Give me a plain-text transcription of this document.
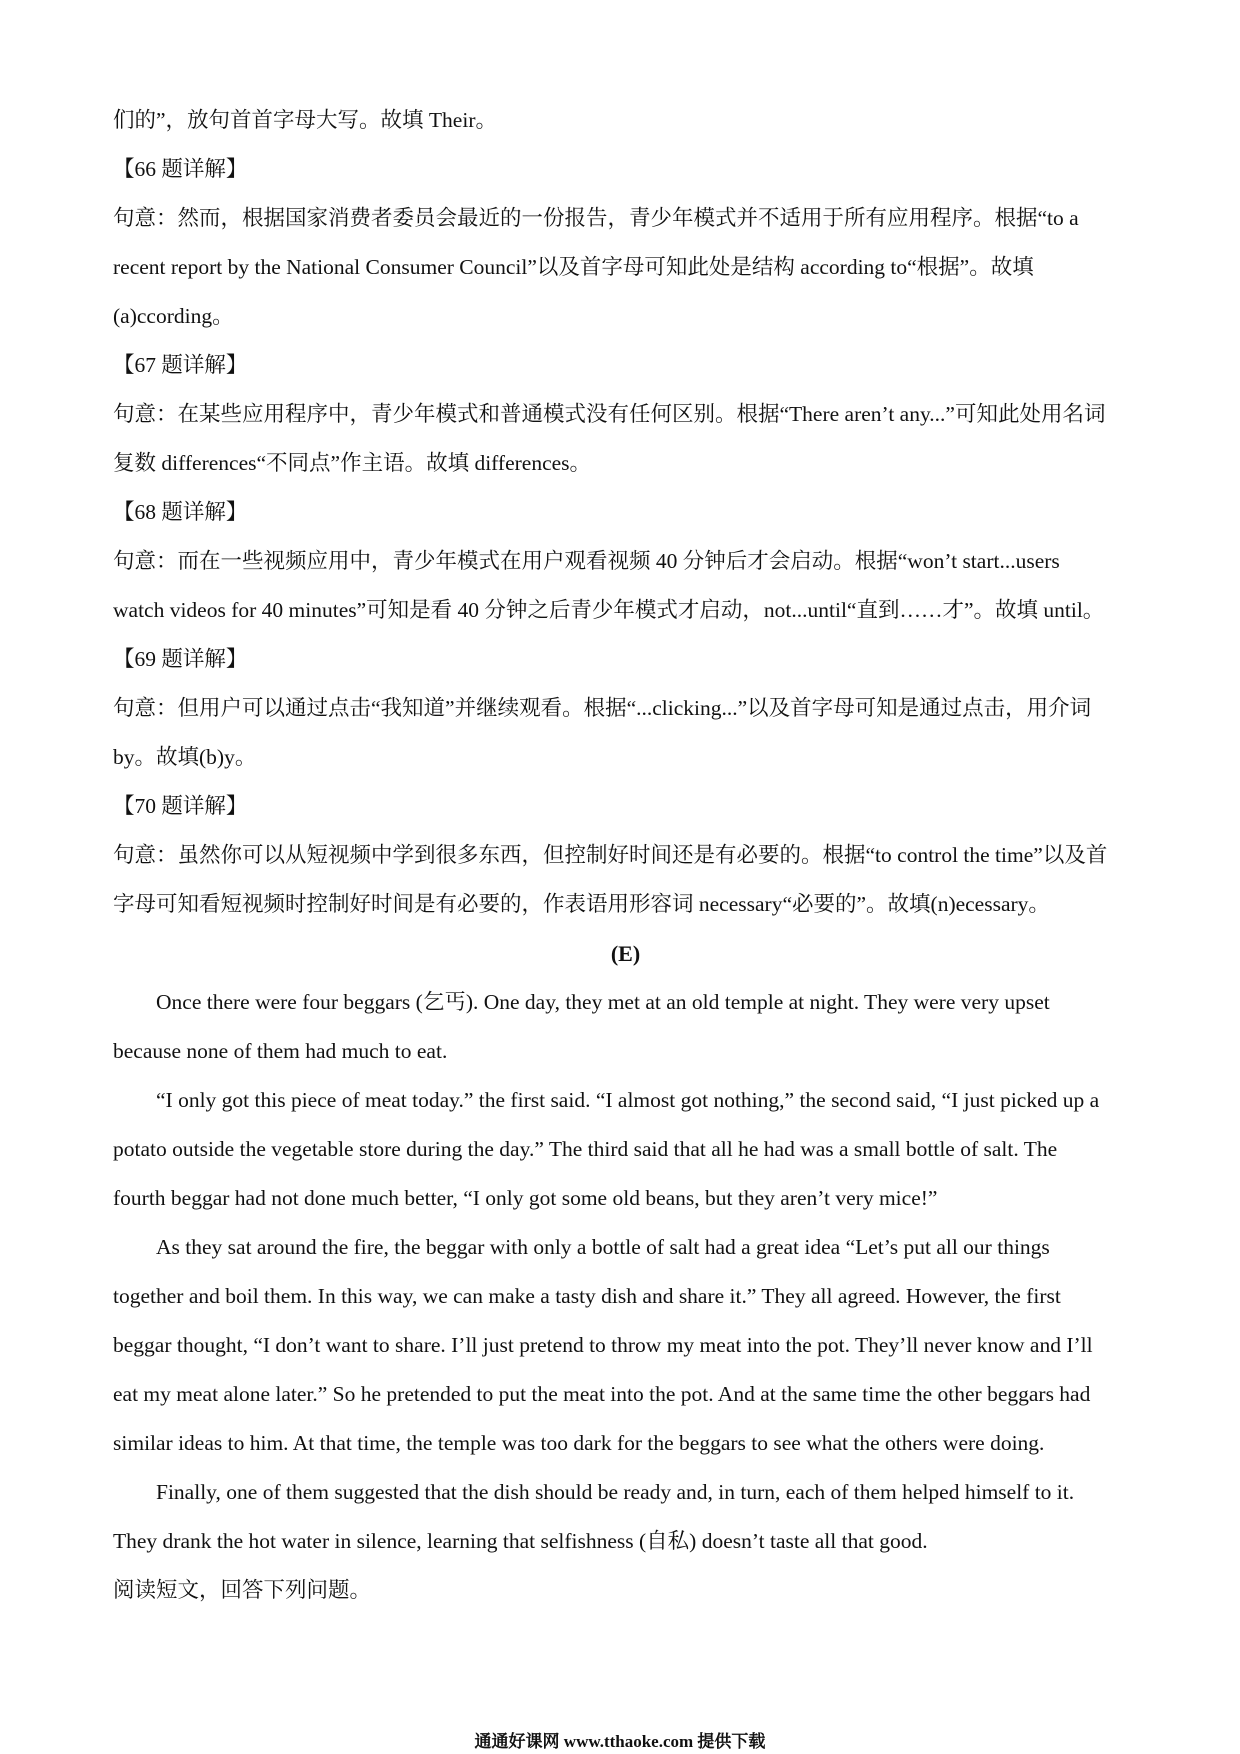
们的”，放句首首字母大写。故填 Their。

【66 题详解】

句意：然而，根据国家消费者委员会最近的一份报告，青少年模式并不适用于所有应用程序。根据“to a

recent report by the National Consumer Council”以及首字母可知此处是结构 according to“根据”。故填

(a)ccording。

【67 题详解】

句意：在某些应用程序中，青少年模式和普通模式没有任何区别。根据“There aren’t any...”可知此处用名词

复数 differences“不同点”作主语。故填 differences。

【68 题详解】

句意：而在一些视频应用中，青少年模式在用户观看视频 40 分钟后才会启动。根据“won’t start...users

watch videos for 40 minutes”可知是看 40 分钟之后青少年模式才启动，not...until“直到……才”。故填 until。

【69 题详解】

句意：但用户可以通过点击“我知道”并继续观看。根据“...clicking...”以及首字母可知是通过点击，用介词

by。故填(b)y。

【70 题详解】

句意：虽然你可以从短视频中学到很多东西，但控制好时间还是有必要的。根据“to control the time”以及首

字母可知看短视频时控制好时间是有必要的，作表语用形容词 necessary“必要的”。故填(n)ecessary。

(E)

Once there were four beggars (乞丐). One day, they met at an old temple at night. They were very upset

because none of them had much to eat.

“I only got this piece of meat today.” the first said. “I almost got nothing,” the second said, “I just picked up a

potato outside the vegetable store during the day.” The third said that all he had was a small bottle of salt. The

fourth beggar had not done much better, “I only got some old beans, but they aren’t very mice!”

As they sat around the fire, the beggar with only a bottle of salt had a great idea “Let’s put all our things

together and boil them. In this way, we can make a tasty dish and share it.” They all agreed. However, the first

beggar thought, “I don’t want to share. I’ll just pretend to throw my meat into the pot. They’ll never know and I’ll

eat my meat alone later.” So he pretended to put the meat into the pot. And at the same time the other beggars had

similar ideas to him. At that time, the temple was too dark for the beggars to see what the others were doing.

Finally, one of them suggested that the dish should be ready and, in turn, each of them helped himself to it.

They drank the hot water in silence, learning that selfishness (自私) doesn’t taste all that good.

阅读短文，回答下列问题。

通通好课网 www.tthaoke.com 提供下载
